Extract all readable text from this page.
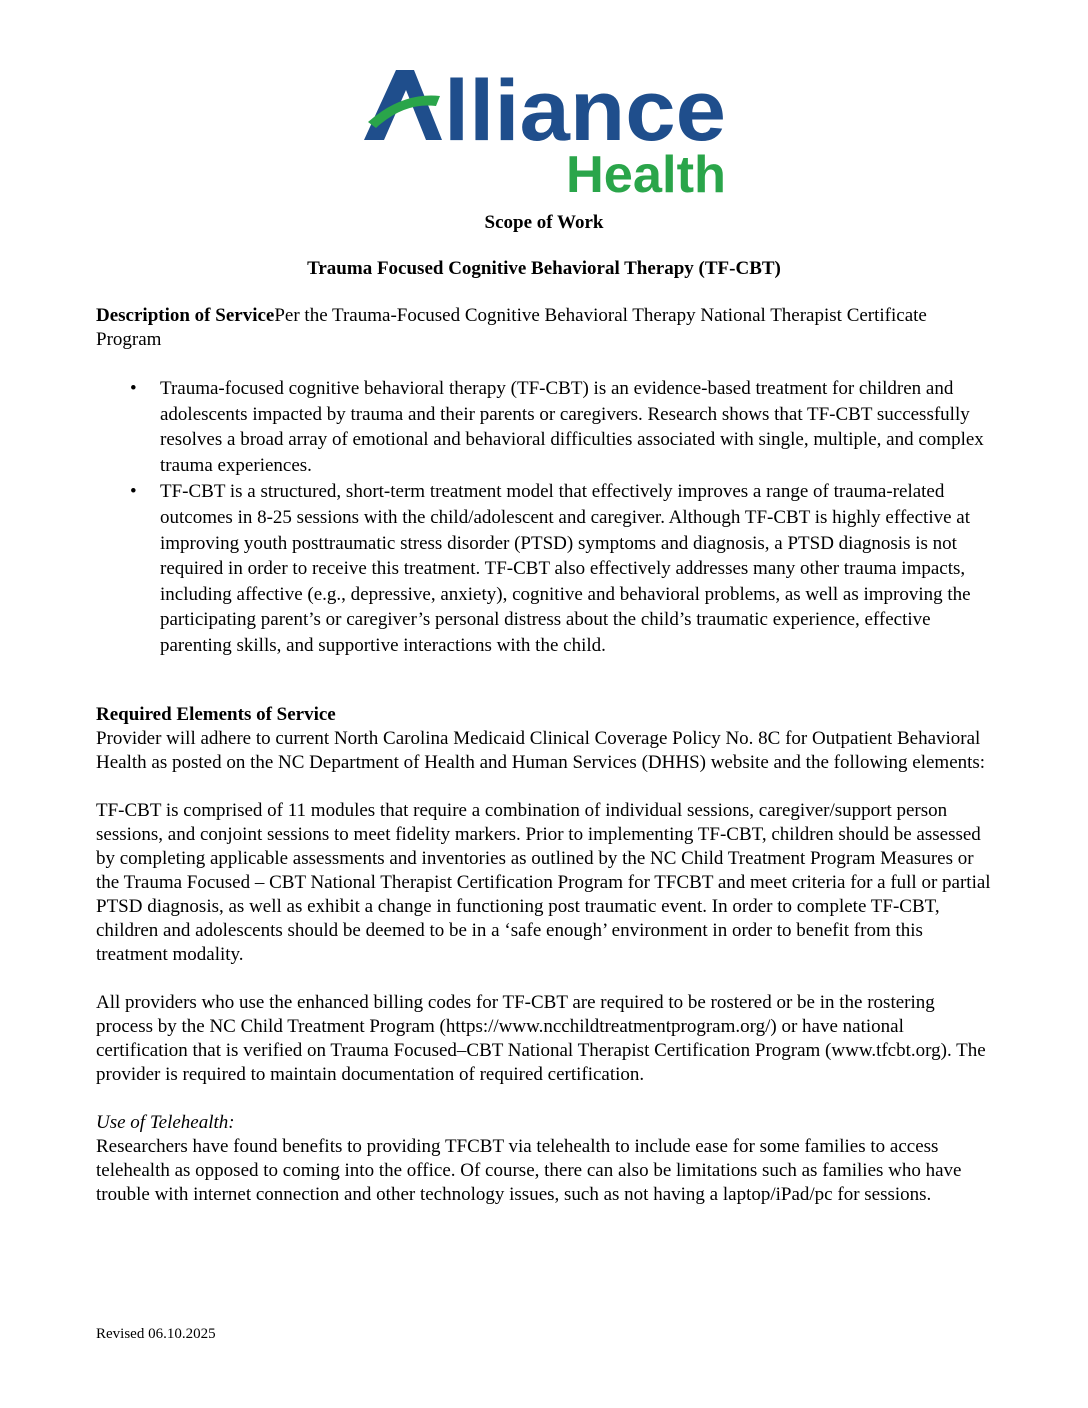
lliance
Health
Scope of Work
Trauma Focused Cognitive Behavioral Therapy (TF-CBT)

Description of ServicePer the Trauma-Focused Cognitive Behavioral Therapy National Therapist Certificate Program

• Trauma-focused cognitive behavioral therapy (TF-CBT) is an evidence-based treatment for children and adolescents impacted by trauma and their parents or caregivers. Research shows that TF-CBT successfully resolves a broad array of emotional and behavioral difficulties associated with single, multiple, and complex trauma experiences.
• TF-CBT is a structured, short-term treatment model that effectively improves a range of trauma-related outcomes in 8-25 sessions with the child/adolescent and caregiver. Although TF-CBT is highly effective at improving youth posttraumatic stress disorder (PTSD) symptoms and diagnosis, a PTSD diagnosis is not required in order to receive this treatment. TF-CBT also effectively addresses many other trauma impacts, including affective (e.g., depressive, anxiety), cognitive and behavioral problems, as well as improving the participating parent’s or caregiver’s personal distress about the child’s traumatic experience, effective parenting skills, and supportive interactions with the child.

Required Elements of Service

Provider will adhere to current North Carolina Medicaid Clinical Coverage Policy No. 8C for Outpatient Behavioral Health as posted on the NC Department of Health and Human Services (DHHS) website and the following elements:

TF-CBT is comprised of 11 modules that require a combination of individual sessions, caregiver/support person sessions, and conjoint sessions to meet fidelity markers. Prior to implementing TF-CBT, children should be assessed by completing applicable assessments and inventories as outlined by the NC Child Treatment Program Measures or the Trauma Focused – CBT National Therapist Certification Program for TFCBT and meet criteria for a full or partial PTSD diagnosis, as well as exhibit a change in functioning post traumatic event. In order to complete TF-CBT, children and adolescents should be deemed to be in a ‘safe enough’ environment in order to benefit from this treatment modality.

All providers who use the enhanced billing codes for TF-CBT are required to be rostered or be in the rostering process by the NC Child Treatment Program (https://www.ncchildtreatmentprogram.org/) or have national certification that is verified on Trauma Focused–CBT National Therapist Certification Program (www.tfcbt.org). The provider is required to maintain documentation of required certification.

Use of Telehealth:

Researchers have found benefits to providing TFCBT via telehealth to include ease for some families to access telehealth as opposed to coming into the office. Of course, there can also be limitations such as families who have trouble with internet connection and other technology issues, such as not having a laptop/iPad/pc for sessions.

Revised 06.10.2025
